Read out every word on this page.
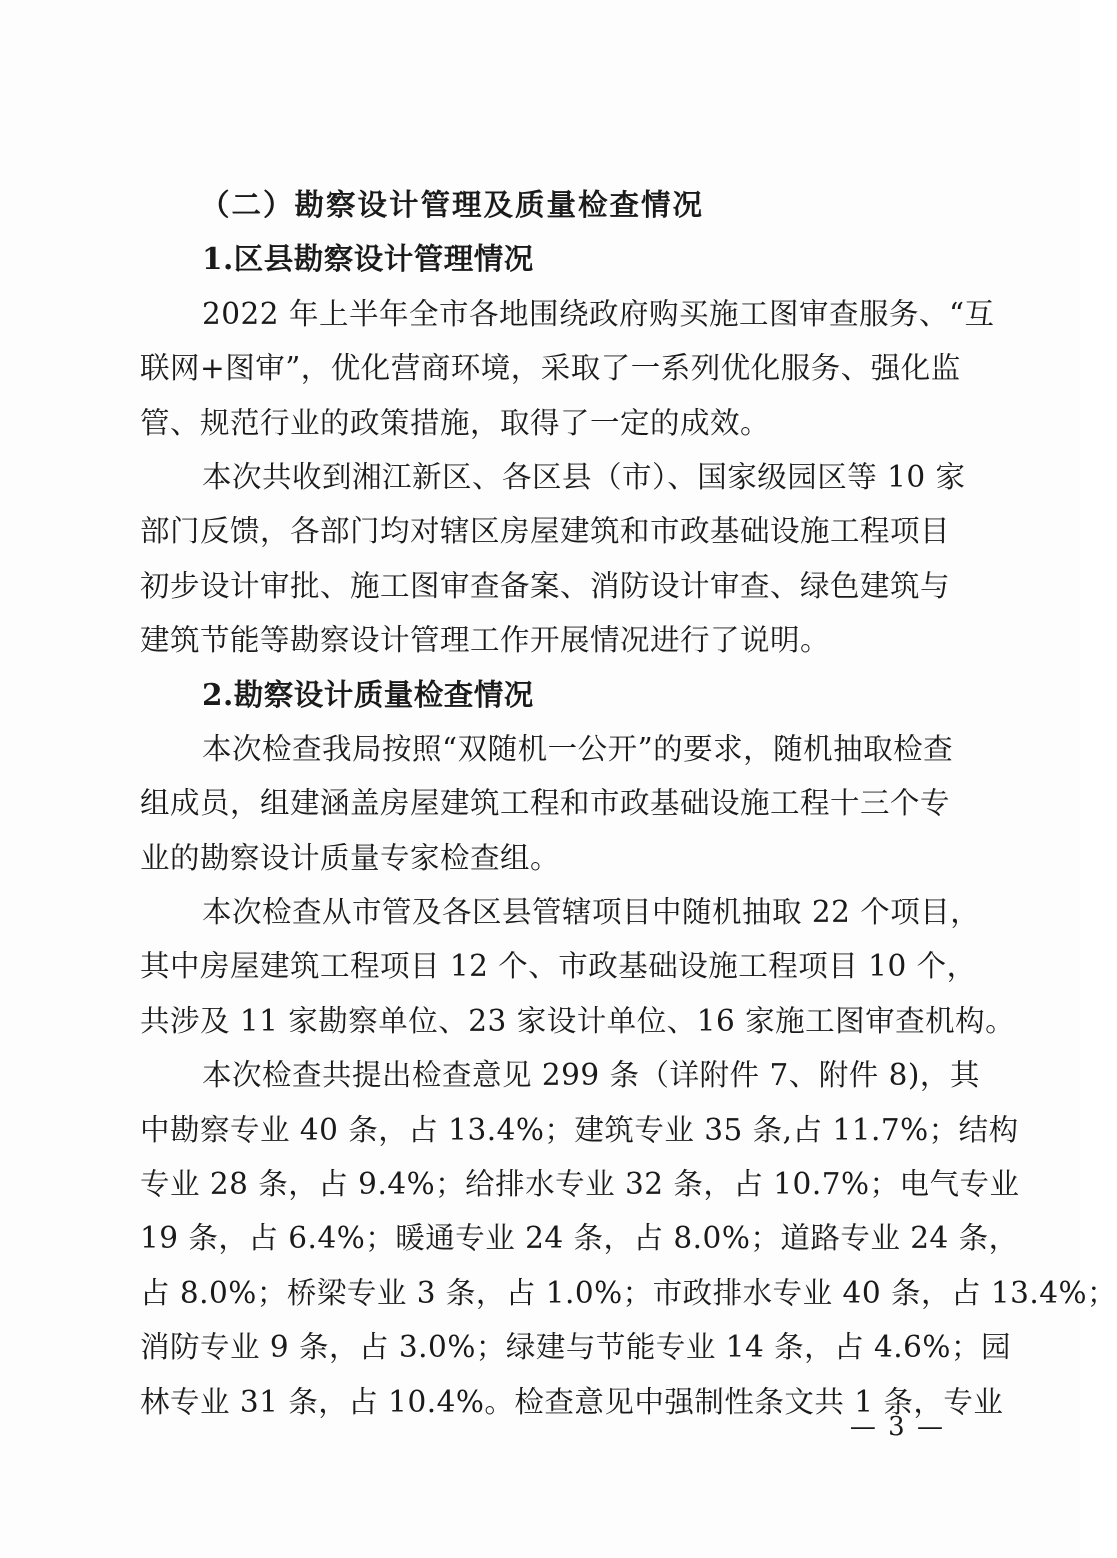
（二）勘察设计管理及质量检查情况
1.区县勘察设计管理情况
2022 年上半年全市各地围绕政府购买施工图审查服务、“互
联网+图审”，优化营商环境，采取了一系列优化服务、强化监
管、规范行业的政策措施，取得了一定的成效。
本次共收到湘江新区、各区县（市）、国家级园区等 10 家
部门反馈，各部门均对辖区房屋建筑和市政基础设施工程项目
初步设计审批、施工图审查备案、消防设计审查、绿色建筑与
建筑节能等勘察设计管理工作开展情况进行了说明。
2.勘察设计质量检查情况
本次检查我局按照“双随机一公开”的要求，随机抽取检查
组成员，组建涵盖房屋建筑工程和市政基础设施工程十三个专
业的勘察设计质量专家检查组。
本次检查从市管及各区县管辖项目中随机抽取 22 个项目，
其中房屋建筑工程项目 12 个、市政基础设施工程项目 10 个，
共涉及 11 家勘察单位、23 家设计单位、16 家施工图审查机构。
本次检查共提出检查意见 299 条（详附件 7、附件 8)，其
中勘察专业 40 条，占 13.4%；建筑专业 35 条,占 11.7%；结构
专业 28 条，占 9.4%；给排水专业 32 条，占 10.7%；电气专业
19 条，占 6.4%；暖通专业 24 条，占 8.0%；道路专业 24 条，
占 8.0%；桥梁专业 3 条，占 1.0%；市政排水专业 40 条，占 13.4%；
消防专业 9 条，占 3.0%；绿建与节能专业 14 条，占 4.6%；园
林专业 31 条，占 10.4%。检查意见中强制性条文共 1 条，专业
— 3 —
